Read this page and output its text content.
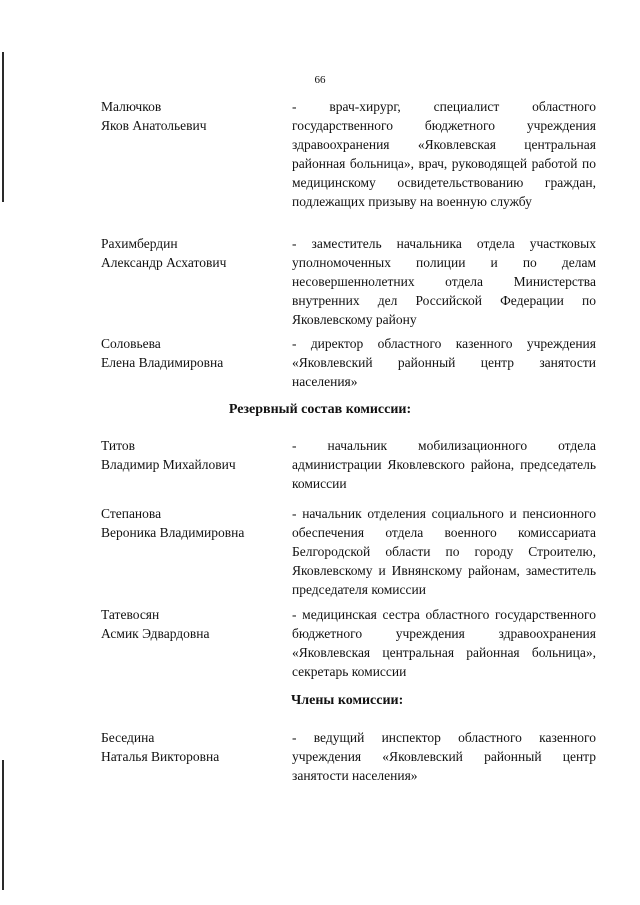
66
Малючков
Яков Анатольевич
- врач-хирург, специалист областного государственного бюджетного учреждения здравоохранения «Яковлевская центральная районная больница», врач, руководящей работой по медицинскому освидетельствованию граждан, подлежащих призыву на военную службу
Рахимбердин
Александр Асхатович
- заместитель начальника отдела участковых уполномоченных полиции и по делам несовершеннолетних отдела Министерства внутренних дел Российской Федерации по Яковлевскому району
Соловьева
Елена Владимировна
- директор областного казенного учреждения «Яковлевский районный центр занятости населения»
Резервный состав комиссии:
Титов
Владимир Михайлович
- начальник мобилизационного отдела администрации Яковлевского района, председатель комиссии
Степанова
Вероника Владимировна
- начальник отделения социального и пенсионного обеспечения отдела военного комиссариата Белгородской области по городу Строителю, Яковлевскому и Ивнянскому районам, заместитель председателя комиссии
Татевосян
Асмик Эдвардовна
- медицинская сестра областного государственного бюджетного учреждения здравоохранения «Яковлевская центральная районная больница», секретарь комиссии
Члены комиссии:
Беседина
Наталья Викторовна
- ведущий инспектор областного казенного учреждения «Яковлевский районный центр занятости населения»
